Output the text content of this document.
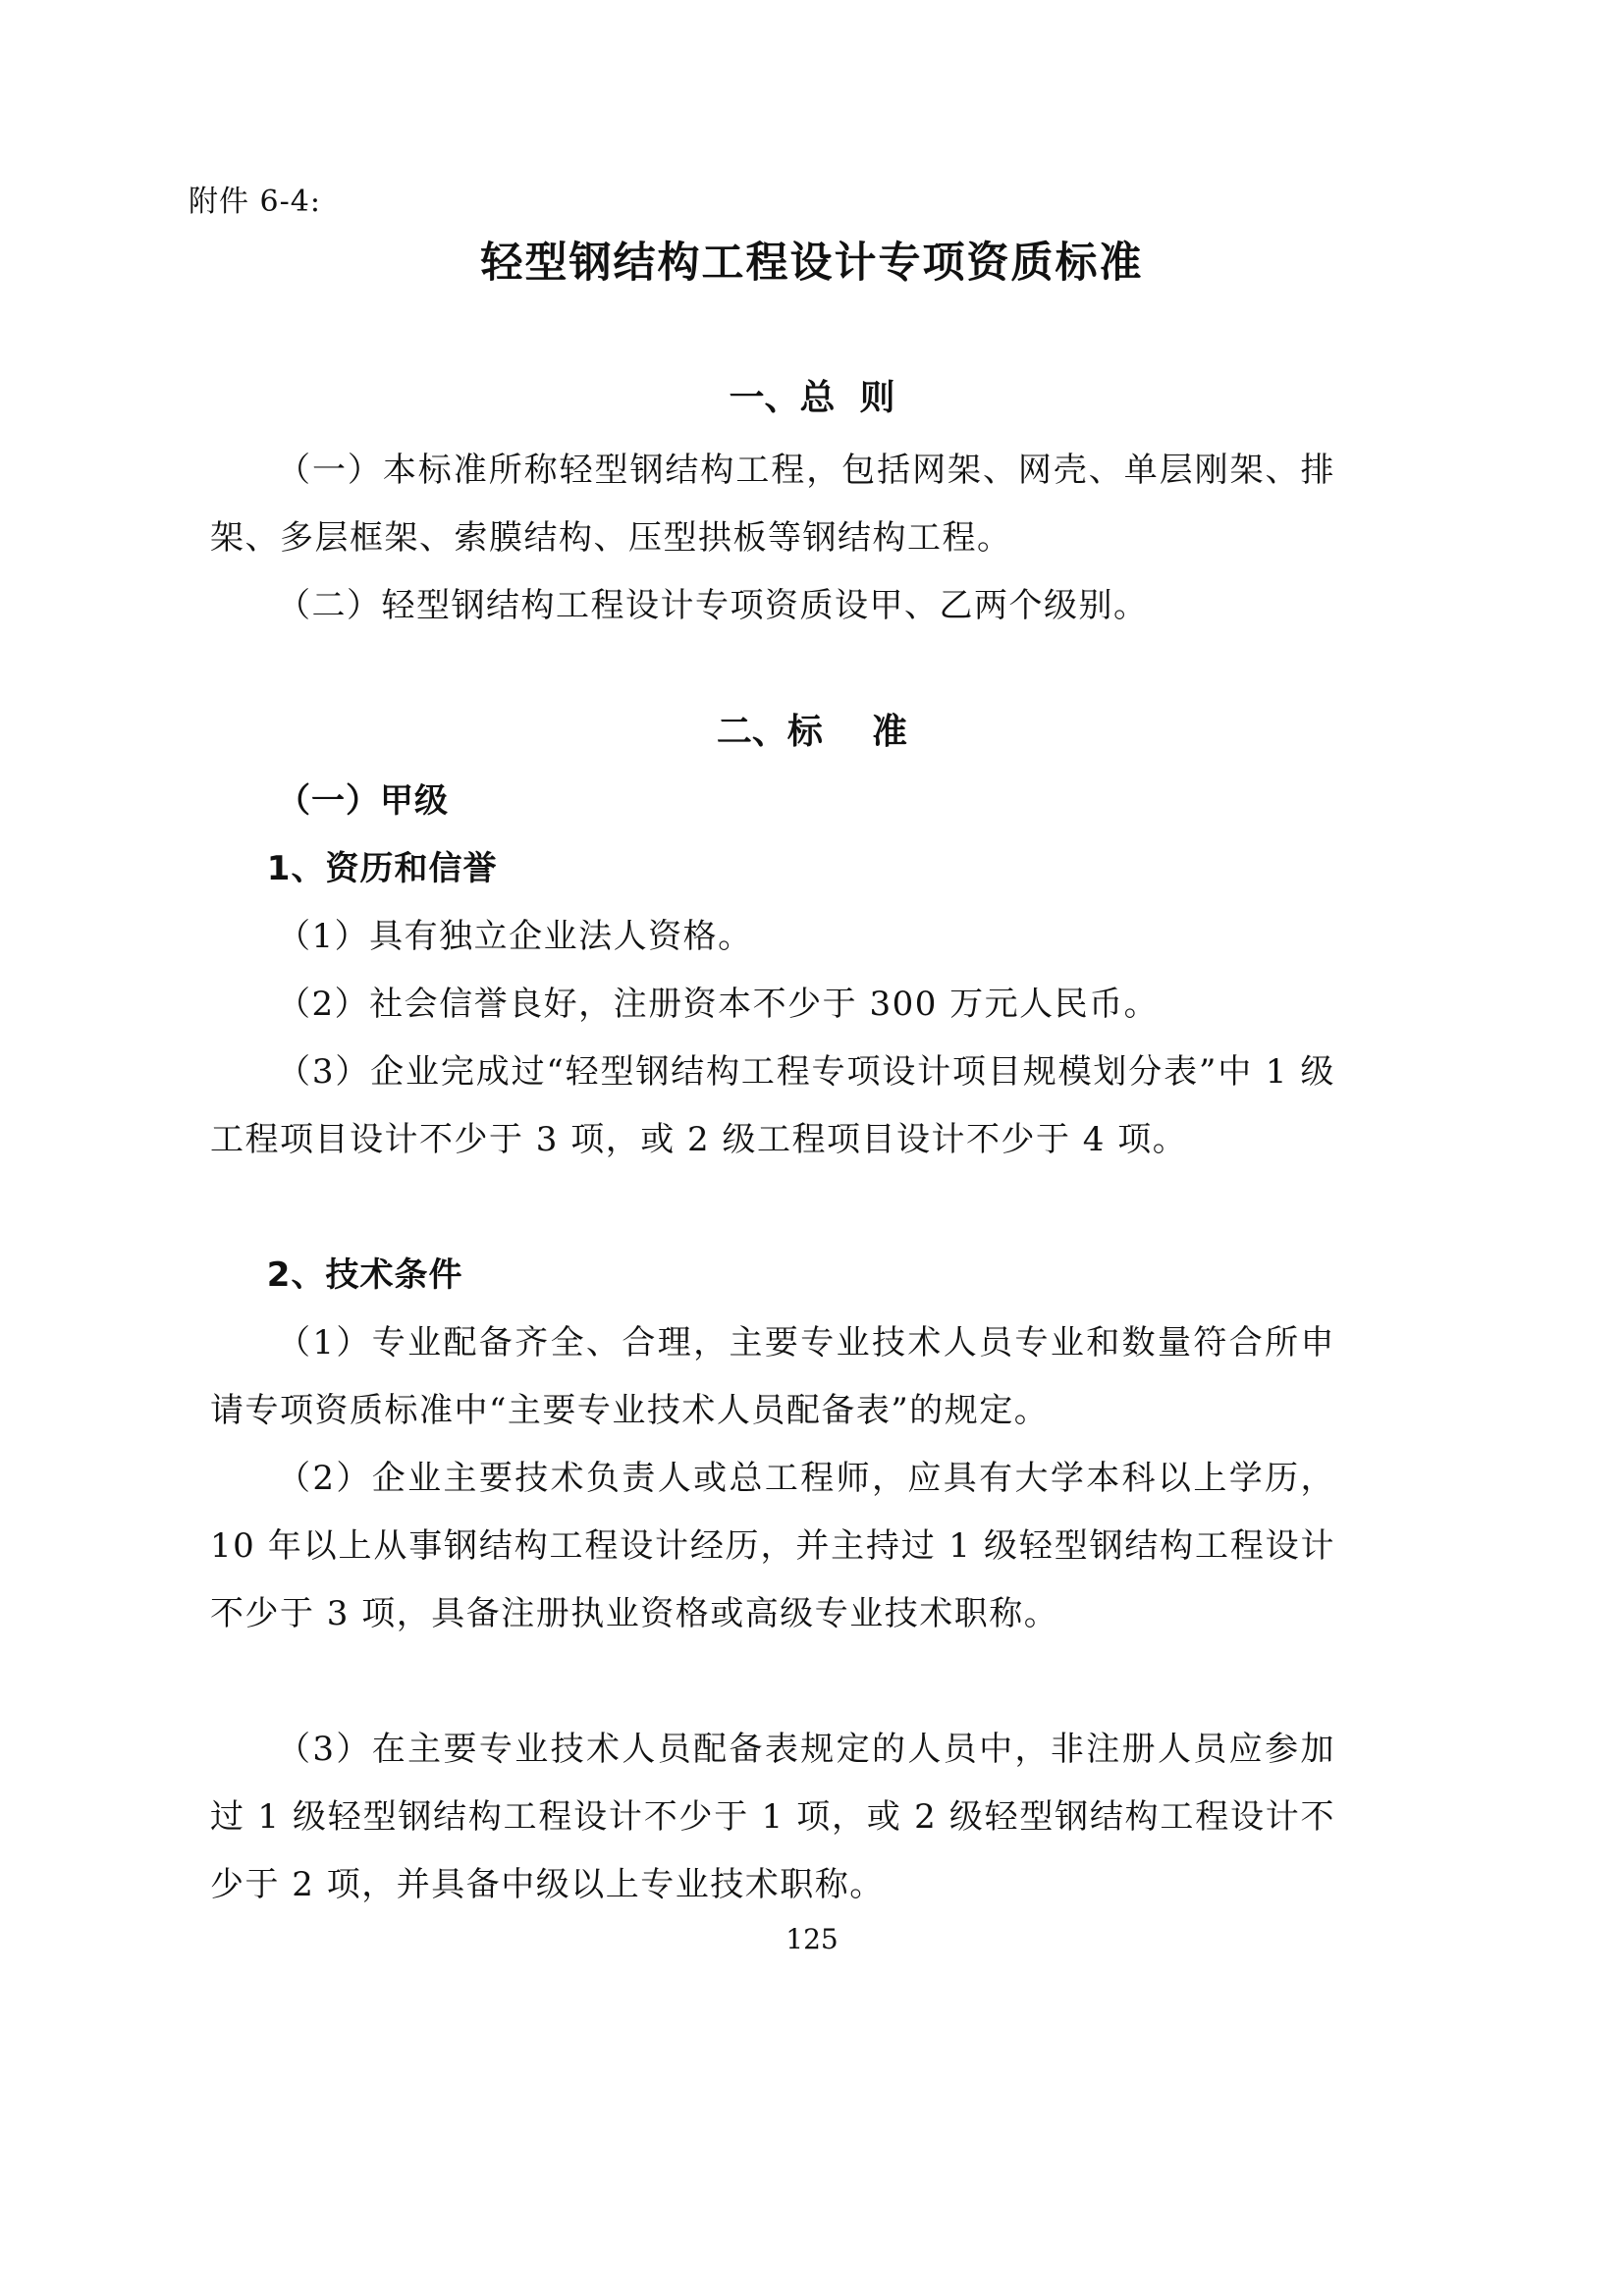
附件 6-4:
轻型钢结构工程设计专项资质标准
一、总  则
（一）本标准所称轻型钢结构工程，包括网架、网壳、单层刚架、排架、多层框架、索膜结构、压型拱板等钢结构工程。
（二）轻型钢结构工程设计专项资质设甲、乙两个级别。
二、标    准
（一）甲级
1、资历和信誉
（1）具有独立企业法人资格。
（2）社会信誉良好，注册资本不少于 300 万元人民币。
（3）企业完成过“轻型钢结构工程专项设计项目规模划分表”中 1 级工程项目设计不少于 3 项，或 2 级工程项目设计不少于 4 项。
2、技术条件
（1）专业配备齐全、合理，主要专业技术人员专业和数量符合所申请专项资质标准中“主要专业技术人员配备表”的规定。
（2）企业主要技术负责人或总工程师，应具有大学本科以上学历， 10 年以上从事钢结构工程设计经历，并主持过 1 级轻型钢结构工程设计不少于 3 项，具备注册执业资格或高级专业技术职称。
（3）在主要专业技术人员配备表规定的人员中，非注册人员应参加过 1 级轻型钢结构工程设计不少于 1 项，或 2 级轻型钢结构工程设计不少于 2 项，并具备中级以上专业技术职称。
125
